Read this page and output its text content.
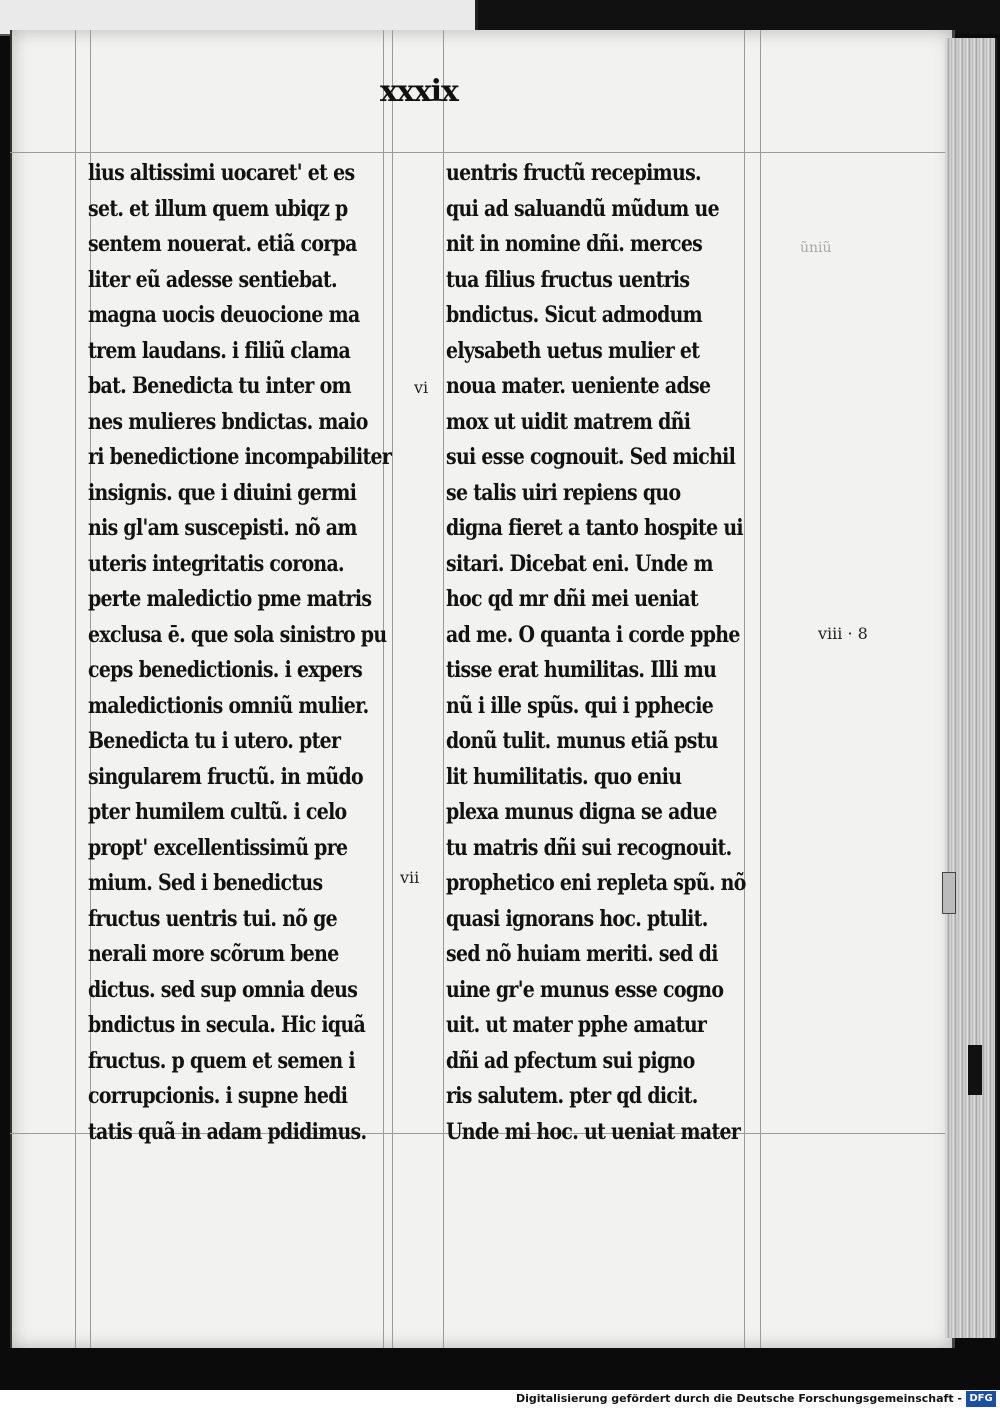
xxxix
lius altissimi uocaret' et es
set. et illum quem ubiqz p
sentem nouerat. etiã corpa
liter eũ adesse sentiebat.
magna uocis deuocione ma
trem laudans. i filiũ clama
bat. Benedicta tu inter om
nes mulieres bndictas. maio
ri benedictione incompabiliter
insignis. que i diuini germi
nis gl'am suscepisti. nõ am
uteris integritatis corona.
perte maledictio pme matris
exclusa ē. que sola sinistro pu
ceps benedictionis. i expers
maledictionis omniũ mulier.
Benedicta tu i utero. pter
singularem fructũ. in mũdo
pter humilem cultũ. i celo
propt' excellentissimũ pre
mium. Sed i benedictus
fructus uentris tui. nõ ge
nerali more scõrum bene
dictus. sed sup omnia deus
bndictus in secula. Hic iquã
fructus. p quem et semen i
corrupcionis. i supne hedi
tatis quã in adam pdidimus.
uentris fructũ recepimus.
qui ad saluandũ mũdum ue
nit in nomine dñi. merces
tua filius fructus uentris
bndictus. Sicut admodum
elysabeth uetus mulier et
noua mater. ueniente adse
mox ut uidit matrem dñi
sui esse cognouit. Sed michil
se talis uiri repiens quo
digna fieret a tanto hospite ui
sitari. Dicebat eni. Unde m
hoc qd mr dñi mei ueniat
ad me. O quanta i corde pphe
tisse erat humilitas. Illi mu
nũ i ille spũs. qui i pphecie
donũ tulit. munus etiã pstu
lit humilitatis. quo eniu
plexa munus digna se adue
tu matris dñi sui recognouit.
prophetico eni repleta spũ. nõ
quasi ignorans hoc. ptulit.
sed nõ huiam meriti. sed di
uine gr'e munus esse cogno
uit. ut mater pphe amatur
dñi ad pfectum sui pigno
ris salutem. pter qd dicit.
Unde mi hoc. ut ueniat mater
vi
vii
ũniũ
viii · 8
Digitalisierung gefördert durch die Deutsche Forschungsgemeinschaft - DFG
